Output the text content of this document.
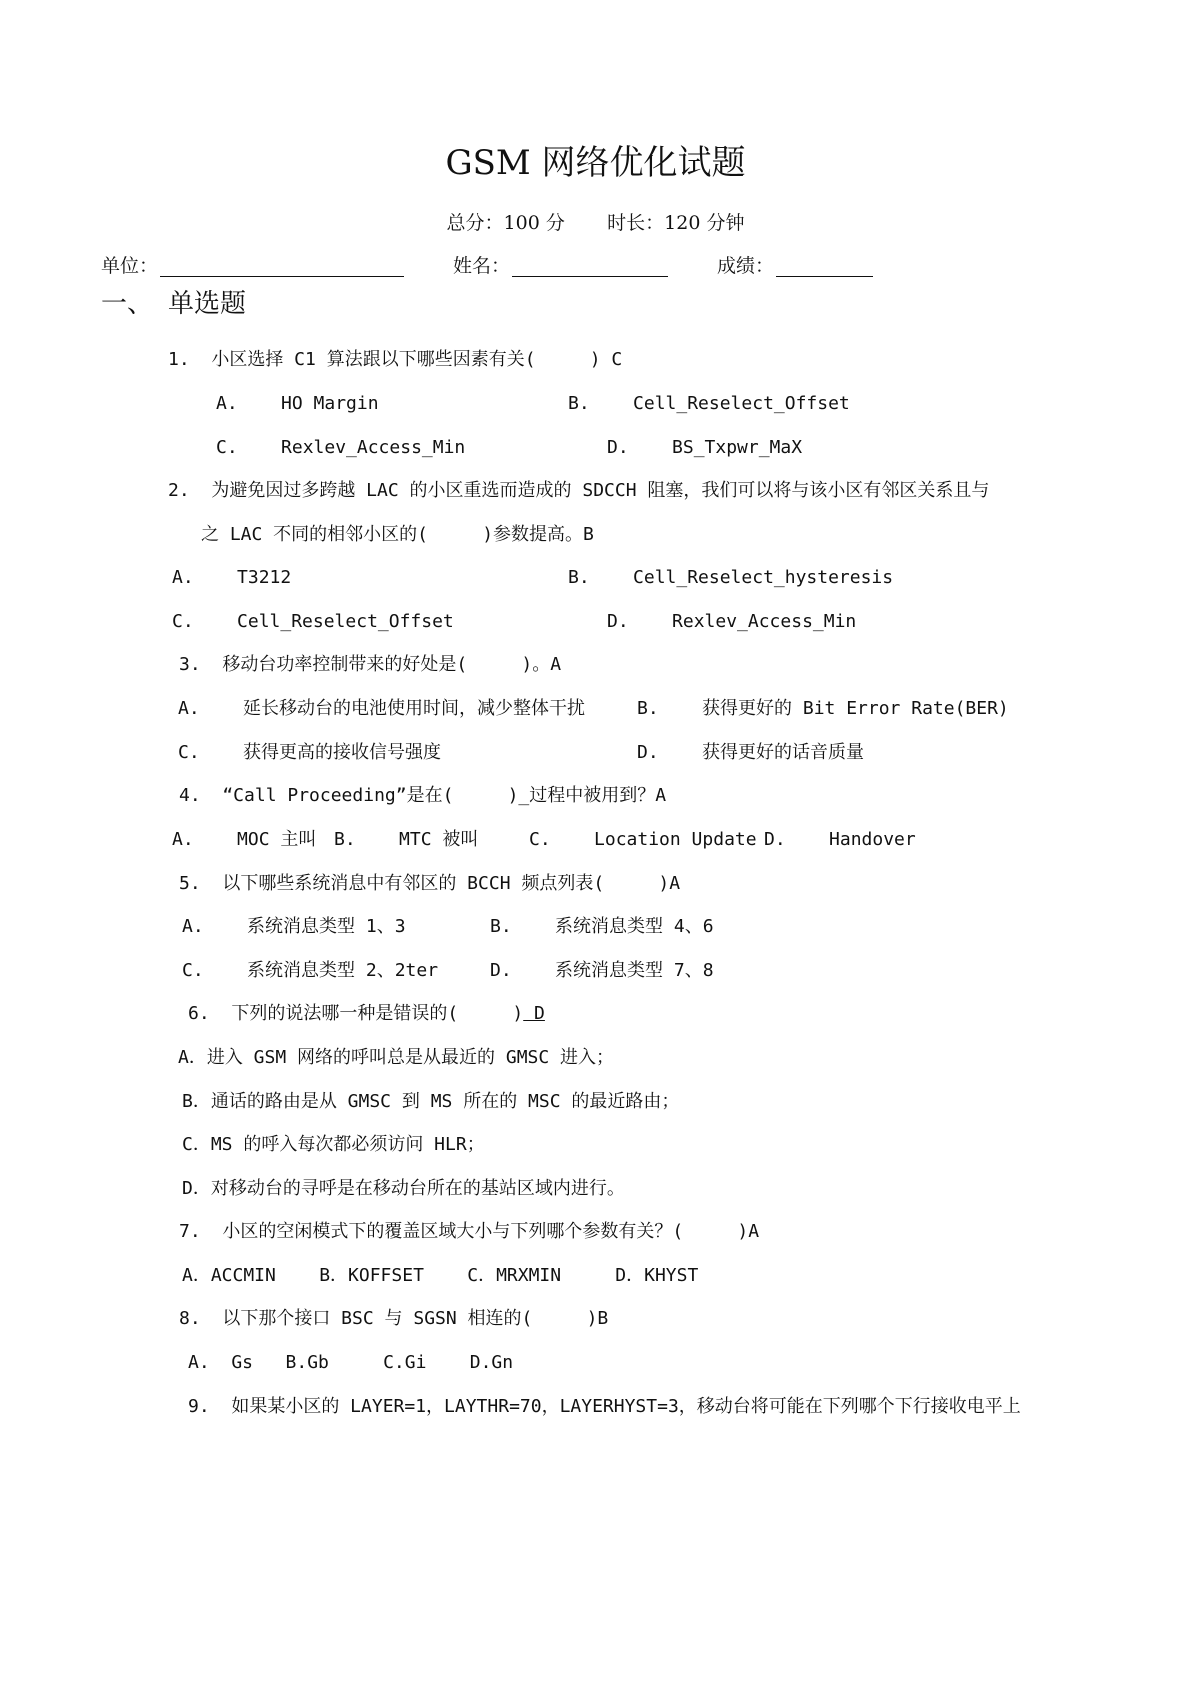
GSM 网络优化试题
总分：100 分 时长：120 分钟
单位：	姓名：	成绩：
一、 单选题
1.  小区选择 C1 算法跟以下哪些因素有关(     ) C
A.    HO Margin	B.    Cell_Reselect_Offset
C.    Rexlev_Access_Min	D.    BS_Txpwr_MaX
2.  为避免因过多跨越 LAC 的小区重选而造成的 SDCCH 阻塞，我们可以将与该小区有邻区关系且与
之 LAC 不同的相邻小区的(     )参数提高。B
A.    T3212	B.    Cell_Reselect_hysteresis
C.    Cell_Reselect_Offset	D.    Rexlev_Access_Min
3.  移动台功率控制带来的好处是(     )。A
A.    延长移动台的电池使用时间，减少整体干扰	B.    获得更好的 Bit Error Rate(BER)
C.    获得更高的接收信号强度	D.    获得更好的话音质量
4.  “Call Proceeding”是在(     )_过程中被用到？A
A.    MOC 主叫 B.    MTC 被叫	C.    Location Update D.    Handover
5.  以下哪些系统消息中有邻区的 BCCH 频点列表(     )A
A.    系统消息类型 1、3	B.    系统消息类型 4、6
C.    系统消息类型 2、2ter	D.    系统消息类型 7、8
6.  下列的说法哪一种是错误的(     ) D
A．进入 GSM 网络的呼叫总是从最近的 GMSC 进入；
B．通话的路由是从 GMSC 到 MS 所在的 MSC 的最近路由；
C．MS 的呼入每次都必须访问 HLR；
D．对移动台的寻呼是在移动台所在的基站区域内进行。
7.  小区的空闲模式下的覆盖区域大小与下列哪个参数有关？(     )A
A．ACCMIN    B．KOFFSET    C．MRXMIN     D．KHYST
8.  以下那个接口 BSC 与 SGSN 相连的(     )B
A.  Gs   B.Gb     C.Gi    D.Gn
9.  如果某小区的 LAYER=1，LAYTHR=70，LAYERHYST=3，移动台将可能在下列哪个下行接收电平上
